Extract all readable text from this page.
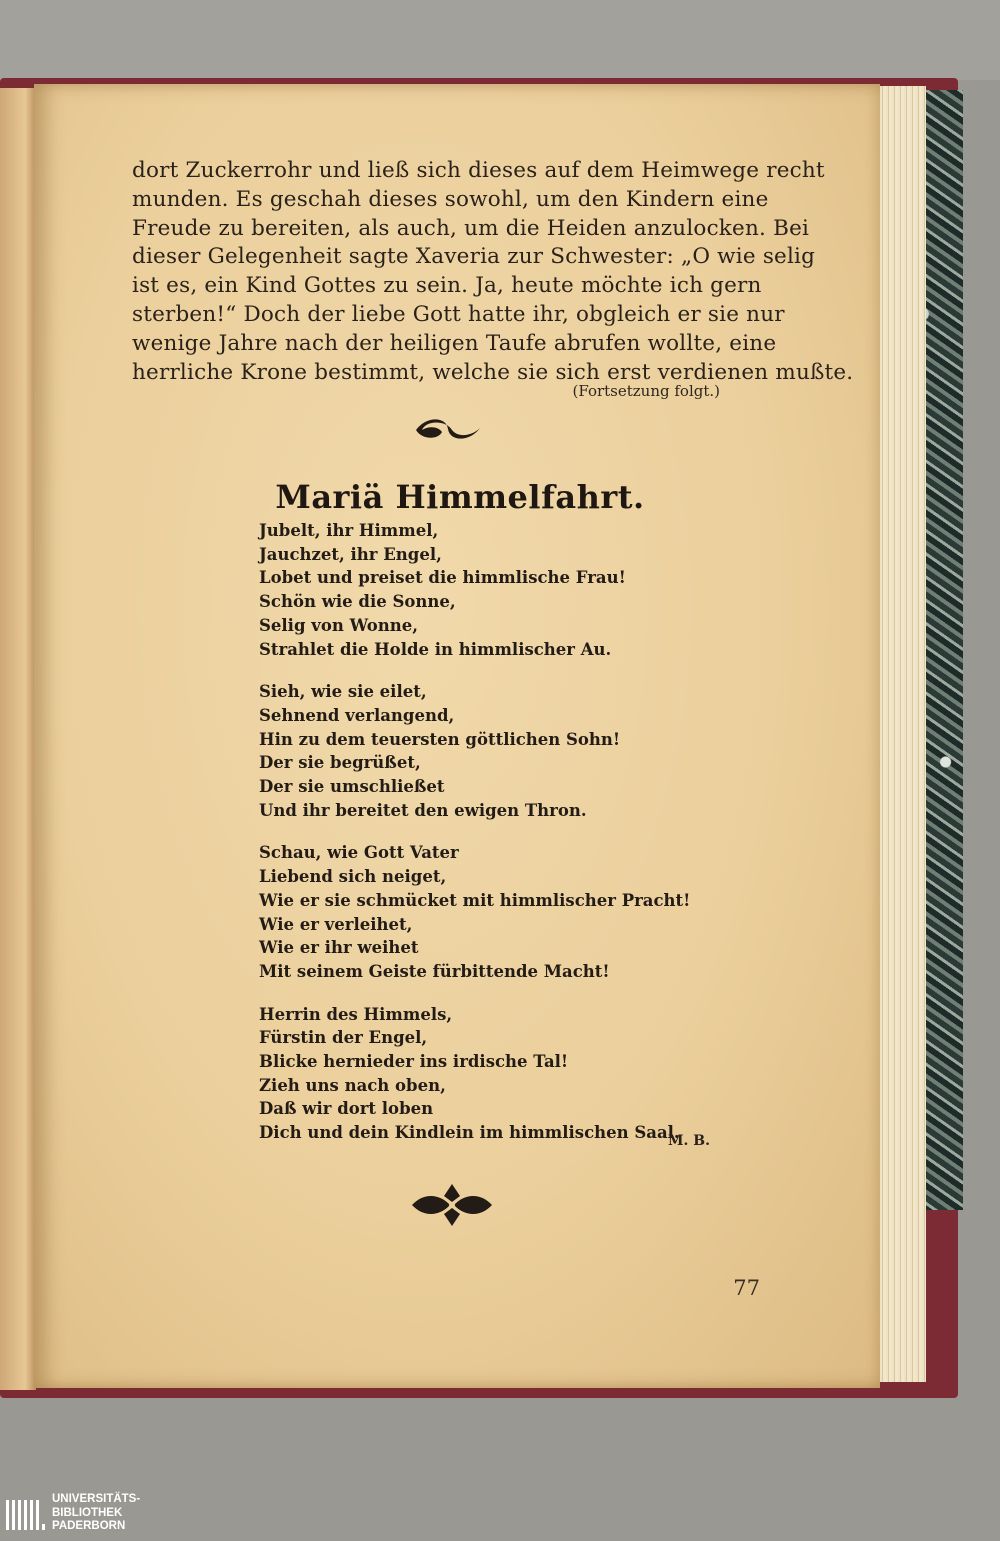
dort Zuckerrohr und ließ sich dieses auf dem Heimwege recht
munden. Es geschah dieses sowohl, um den Kindern eine
Freude zu bereiten, als auch, um die Heiden anzulocken. Bei
dieser Gelegenheit sagte Xaveria zur Schwester: „O wie selig
ist es, ein Kind Gottes zu sein. Ja, heute möchte ich gern
sterben!“ Doch der liebe Gott hatte ihr, obgleich er sie nur
wenige Jahre nach der heiligen Taufe abrufen wollte, eine
herrliche Krone bestimmt, welche sie sich erst verdienen mußte.
(Fortsetzung folgt.)
Mariä Himmelfahrt.
Jubelt, ihr Himmel,
Jauchzet, ihr Engel,
Lobet und preiset die himmlische Frau!
Schön wie die Sonne,
Selig von Wonne,
Strahlet die Holde in himmlischer Au.
Sieh, wie sie eilet,
Sehnend verlangend,
Hin zu dem teuersten göttlichen Sohn!
Der sie begrüßet,
Der sie umschließet
Und ihr bereitet den ewigen Thron.
Schau, wie Gott Vater
Liebend sich neiget,
Wie er sie schmücket mit himmlischer Pracht!
Wie er verleihet,
Wie er ihr weihet
Mit seinem Geiste fürbittende Macht!
Herrin des Himmels,
Fürstin der Engel,
Blicke hernieder ins irdische Tal!
Zieh uns nach oben,
Daß wir dort loben
Dich und dein Kindlein im himmlischen Saal.
M. B.
77
UNIVERSITÄTS-
BIBLIOTHEK
PADERBORN
